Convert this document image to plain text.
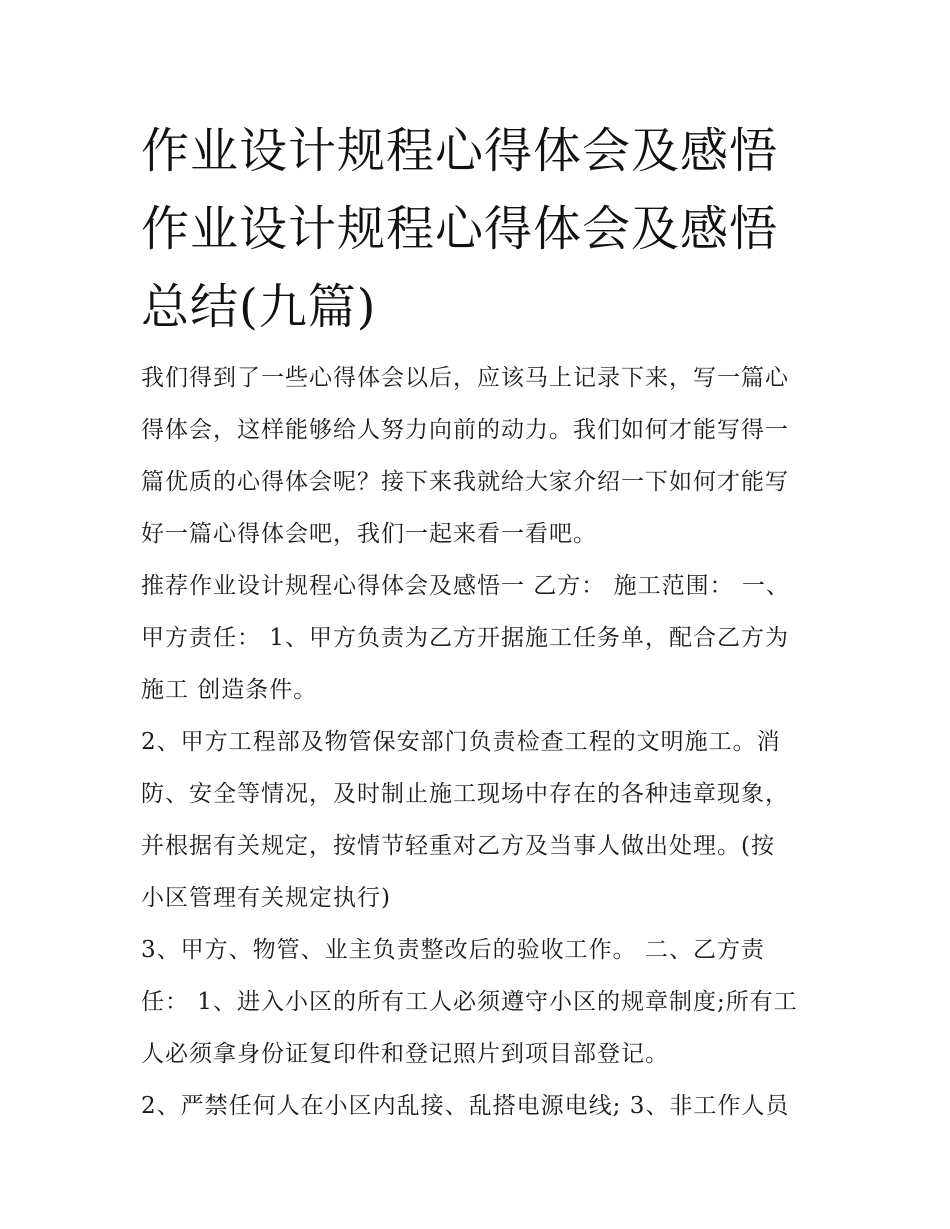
作业设计规程心得体会及感悟
作业设计规程心得体会及感悟
总结(九篇)

我们得到了一些心得体会以后，应该马上记录下来，写一篇心

得体会，这样能够给人努力向前的动力。我们如何才能写得一

篇优质的心得体会呢？接下来我就给大家介绍一下如何才能写

好一篇心得体会吧，我们一起来看一看吧。

推荐作业设计规程心得体会及感悟一 乙方： 施工范围： 一、

甲方责任： 1、甲方负责为乙方开据施工任务单，配合乙方为

施工 创造条件。

2、甲方工程部及物管保安部门负责检查工程的文明施工。消

防、安全等情况，及时制止施工现场中存在的各种违章现象，

并根据有关规定，按情节轻重对乙方及当事人做出处理。(按

小区管理有关规定执行)

3、甲方、物管、业主负责整改后的验收工作。 二、乙方责

任： 1、进入小区的所有工人必须遵守小区的规章制度;所有工

人必须拿身份证复印件和登记照片到项目部登记。

2、严禁任何人在小区内乱接、乱搭电源电线; 3、非工作人员
